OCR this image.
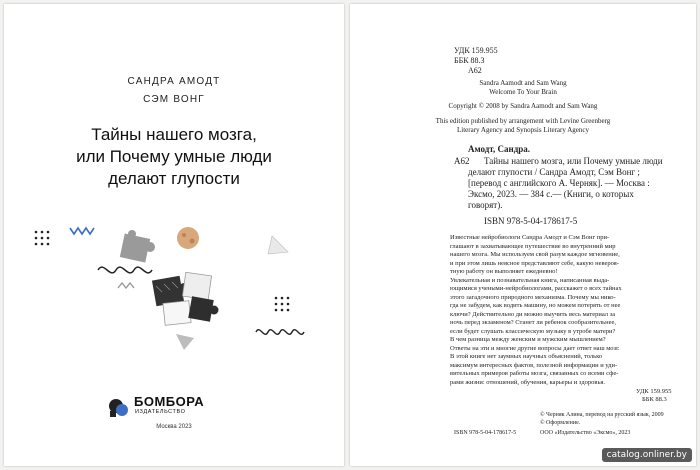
САНДРА АМОДТ
СЭМ ВОНГ
Тайны нашего мозга,
или Почему умные люди
делают глупости
БОМБОРА
ИЗДАТЕЛЬСТВО
Москва 2023
УДК 159.955
ББК 88.3
А62
Sandra Aamodt and Sam Wang
Welcome To Your Brain
Copyright © 2008 by Sandra Aamodt and Sam Wang
This edition published by arrangement with Levine Greenberg
Literary Agency and Synopsis Literary Agency
Амодт, Сандра.
А62 Тайны нашего мозга, или Почему умные люди
делают глупости / Сандра Амодт, Сэм Вонг ;
[перевод с английского А. Черняк]. — Москва :
Эксмо, 2023. — 384 с.— (Книги, о которых
говорят).
ISBN 978-5-04-178617-5
Известные нейробиологи Сандра Амодт и Сэм Вонг при-
глашают в захватывающее путешествие во внутренний мир
нашего мозга. Мы используем свой разум каждое мгновение,
и при этом лишь неясное представляют себе, какую невероя-
тную работу он выполняет ежедневно!
Увлекательная и познавательная книга, написанная выда-
ющимися учеными-нейробиологами, расскажет о всех тайнах
этого загадочного природного механизма. Почему мы нико-
гда не забудем, как водить машину, но можем потерять от нее
ключи? Действительно ди можно выучить весь материал за
ночь перед экзаменом? Станет ли ребенок сообразительнее,
если будет слушать классическую музыку в утробе матери?
В чем разница между женским и мужским мышлением?
Ответы на эти и многие другие вопросы дает ответ наш мозг.
В этой книге нет заумных научных объяснений, только
максимум интересных фактов, полезной информации и уди-
вительных примеров работы мозга, связанных со всеми сфе-
рами жизни: отношений, обучения, карьеры и здоровья.
УДК 159.955
ББК 88.3
© Черняк Алина, перевод на русский язык, 2009
© Оформление.
ISBN 978-5-04-178617-5	ООО «Издательство «Эксмо», 2023
catalog.onliner.by
